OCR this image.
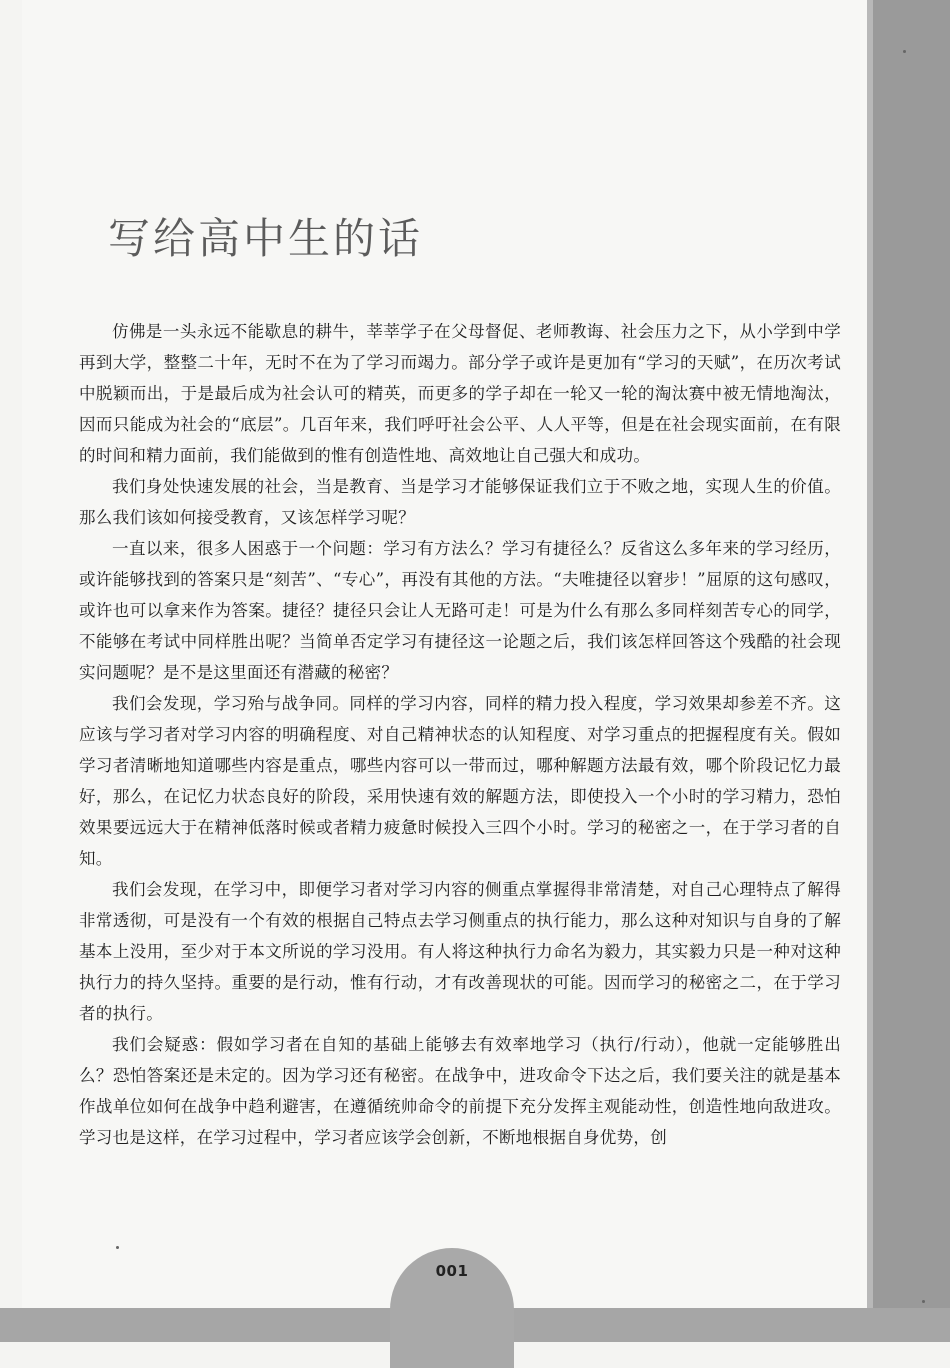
001
写给高中生的话

仿佛是一头永远不能歇息的耕牛，莘莘学子在父母督促、老师教诲、社会压力之下，从小学到中学再到大学，整整二十年，无时不在为了学习而竭力。部分学子或许是更加有“学习的天赋”，在历次考试中脱颖而出，于是最后成为社会认可的精英，而更多的学子却在一轮又一轮的淘汰赛中被无情地淘汰，因而只能成为社会的“底层”。几百年来，我们呼吁社会公平、人人平等，但是在社会现实面前，在有限的时间和精力面前，我们能做到的惟有创造性地、高效地让自己强大和成功。

我们身处快速发展的社会，当是教育、当是学习才能够保证我们立于不败之地，实现人生的价值。那么我们该如何接受教育，又该怎样学习呢？

一直以来，很多人困惑于一个问题：学习有方法么？学习有捷径么？反省这么多年来的学习经历，或许能够找到的答案只是“刻苦”、“专心”，再没有其他的方法。“夫唯捷径以窘步！”屈原的这句感叹，或许也可以拿来作为答案。捷径？捷径只会让人无路可走！可是为什么有那么多同样刻苦专心的同学，不能够在考试中同样胜出呢？当简单否定学习有捷径这一论题之后，我们该怎样回答这个残酷的社会现实问题呢？是不是这里面还有潜藏的秘密？

我们会发现，学习殆与战争同。同样的学习内容，同样的精力投入程度，学习效果却参差不齐。这应该与学习者对学习内容的明确程度、对自己精神状态的认知程度、对学习重点的把握程度有关。假如学习者清晰地知道哪些内容是重点，哪些内容可以一带而过，哪种解题方法最有效，哪个阶段记忆力最好，那么，在记忆力状态良好的阶段，采用快速有效的解题方法，即使投入一个小时的学习精力，恐怕效果要远远大于在精神低落时候或者精力疲惫时候投入三四个小时。学习的秘密之一，在于学习者的自知。

我们会发现，在学习中，即便学习者对学习内容的侧重点掌握得非常清楚，对自己心理特点了解得非常透彻，可是没有一个有效的根据自己特点去学习侧重点的执行能力，那么这种对知识与自身的了解基本上没用，至少对于本文所说的学习没用。有人将这种执行力命名为毅力，其实毅力只是一种对这种执行力的持久坚持。重要的是行动，惟有行动，才有改善现状的可能。因而学习的秘密之二，在于学习者的执行。

我们会疑惑：假如学习者在自知的基础上能够去有效率地学习（执行/行动），他就一定能够胜出么？恐怕答案还是未定的。因为学习还有秘密。在战争中，进攻命令下达之后，我们要关注的就是基本作战单位如何在战争中趋利避害，在遵循统帅命令的前提下充分发挥主观能动性，创造性地向敌进攻。学习也是这样，在学习过程中，学习者应该学会创新，不断地根据自身优势，创
